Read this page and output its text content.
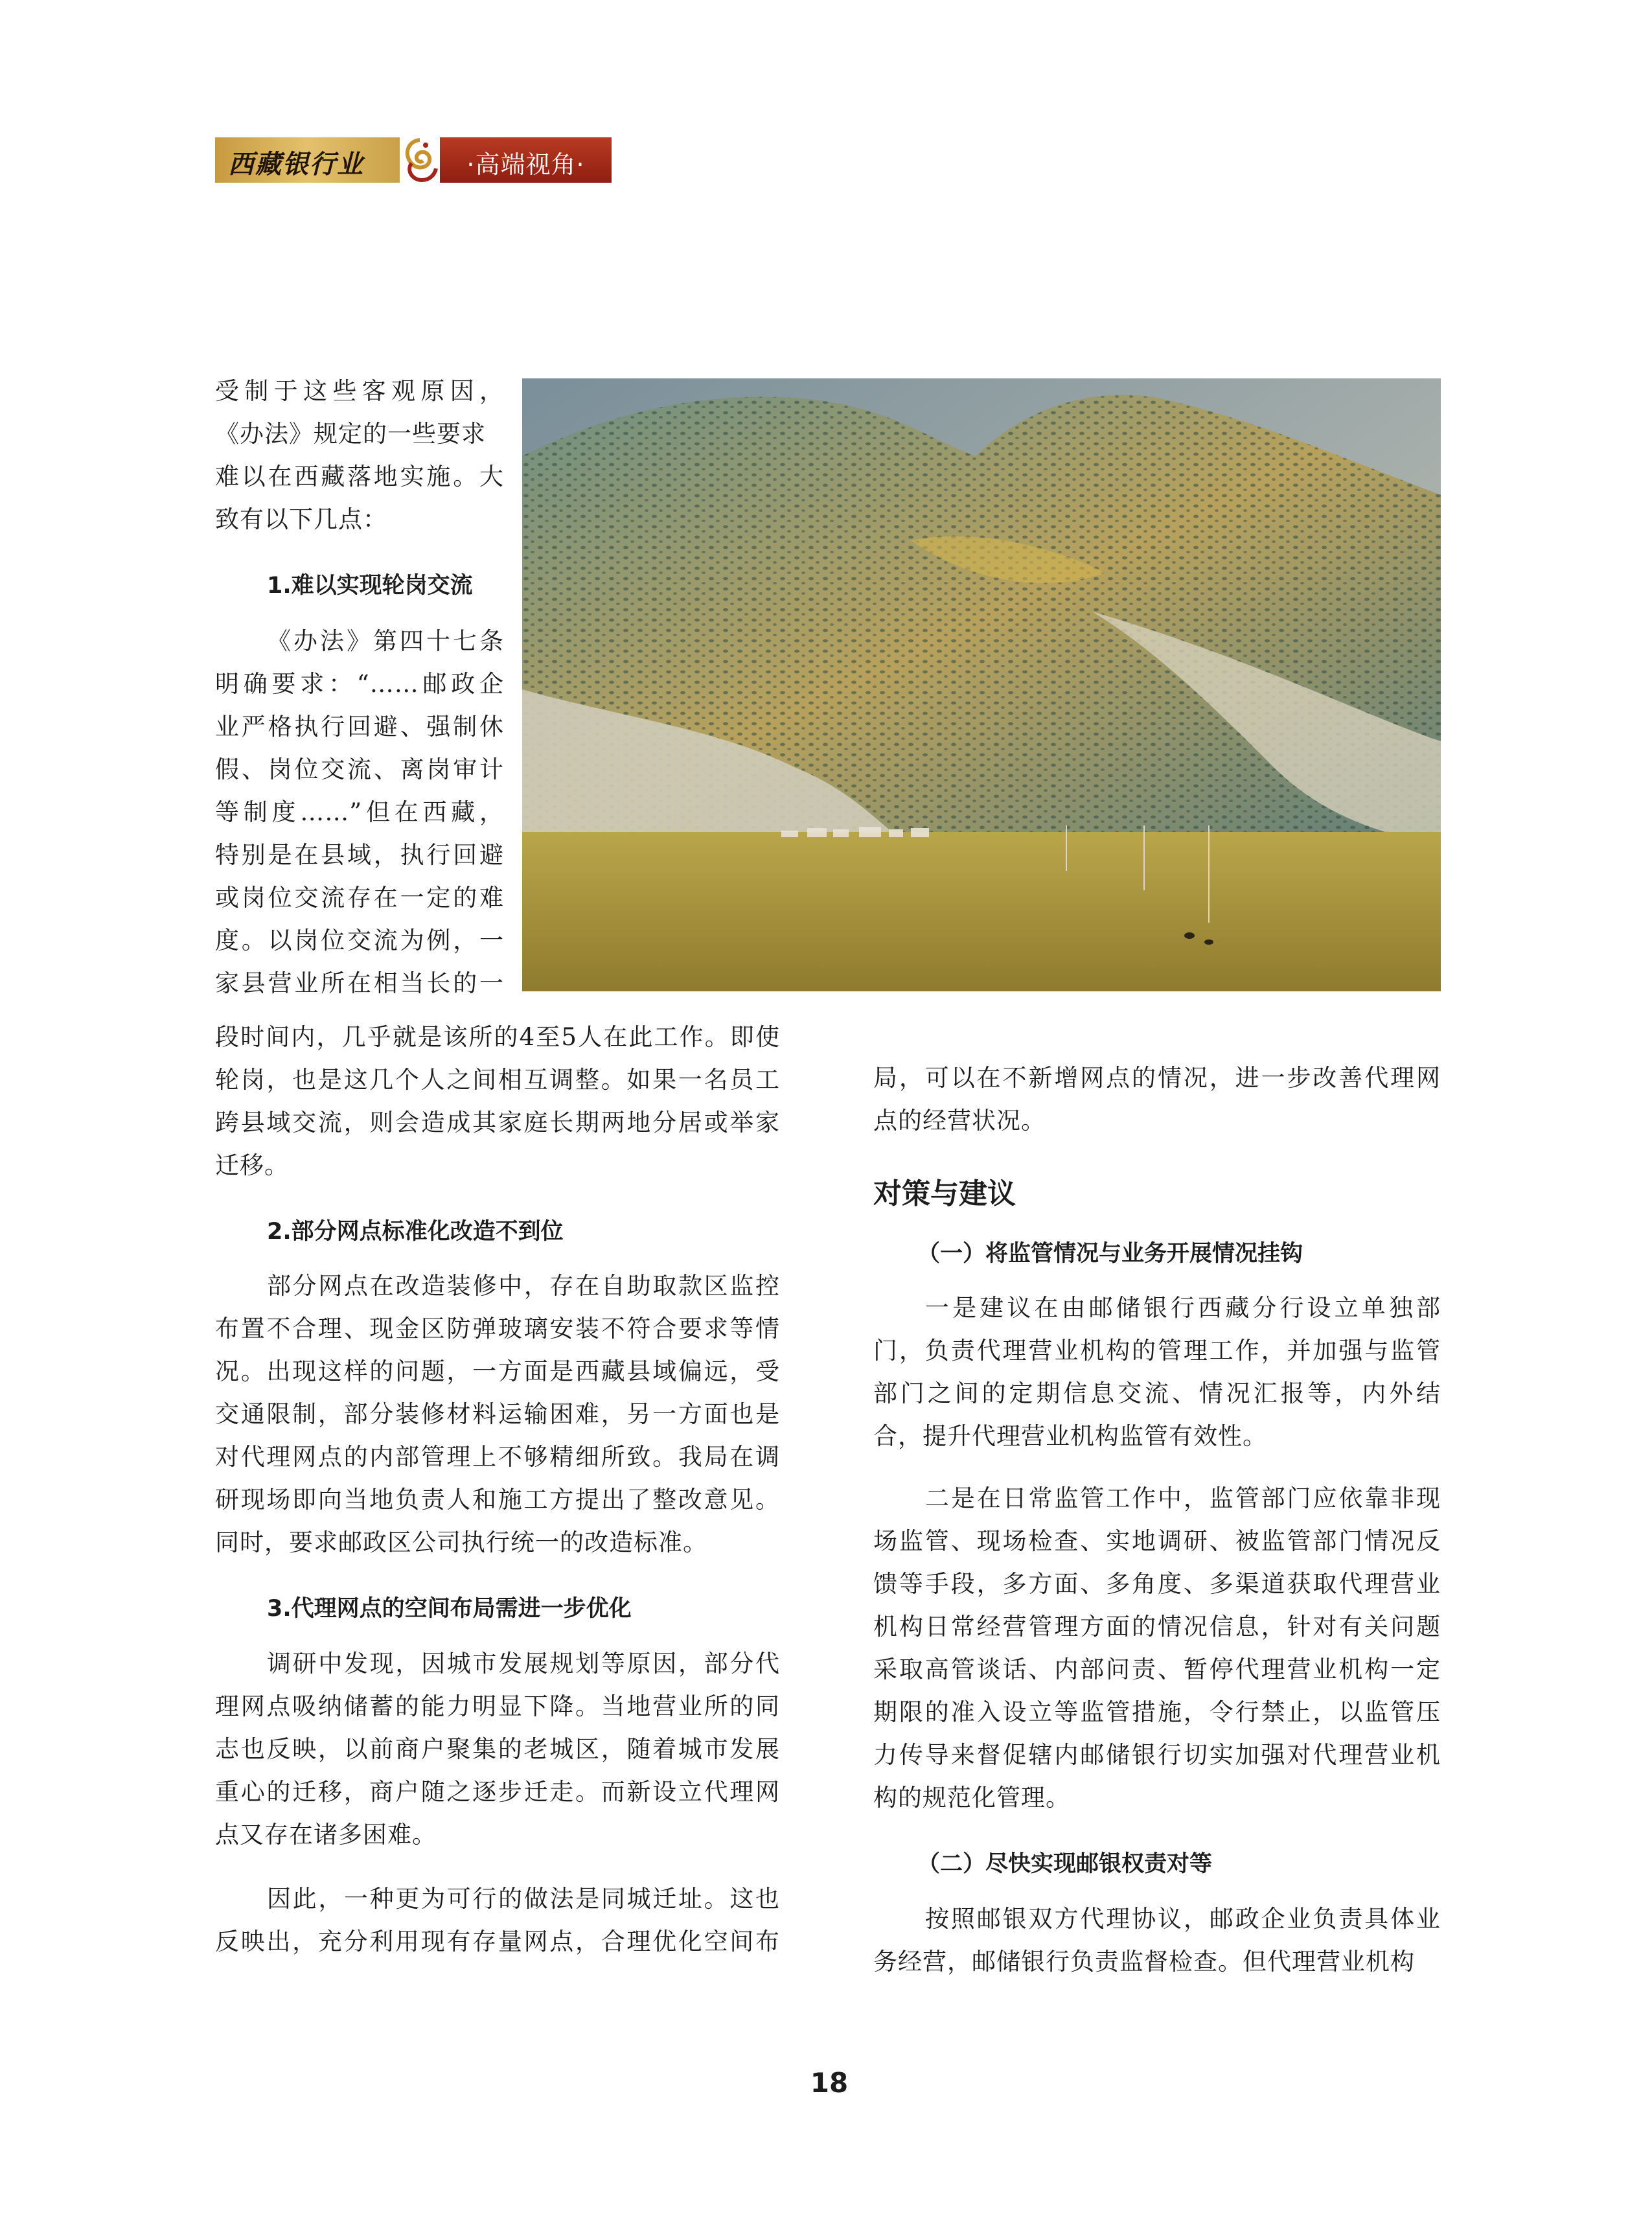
西藏银行业	·高端视角·

受制于这些客观原因，

《办法》规定的一些要求

难以在西藏落地实施。大

致有以下几点：

1.难以实现轮岗交流

《办法》第四十七条

明确要求：“……邮政企

业严格执行回避、强制休

假、岗位交流、离岗审计

等制度……”但在西藏，

特别是在县域，执行回避

或岗位交流存在一定的难

度。以岗位交流为例，一

家县营业所在相当长的一

段时间内，几乎就是该所的4至5人在此工作。即使

轮岗，也是这几个人之间相互调整。如果一名员工

跨县域交流，则会造成其家庭长期两地分居或举家

迁移。

2.部分网点标准化改造不到位

部分网点在改造装修中，存在自助取款区监控

布置不合理、现金区防弹玻璃安装不符合要求等情

况。出现这样的问题，一方面是西藏县域偏远，受

交通限制，部分装修材料运输困难，另一方面也是

对代理网点的内部管理上不够精细所致。我局在调

研现场即向当地负责人和施工方提出了整改意见。

同时，要求邮政区公司执行统一的改造标准。

3.代理网点的空间布局需进一步优化

调研中发现，因城市发展规划等原因，部分代

理网点吸纳储蓄的能力明显下降。当地营业所的同

志也反映，以前商户聚集的老城区，随着城市发展

重心的迁移，商户随之逐步迁走。而新设立代理网

点又存在诸多困难。

因此，一种更为可行的做法是同城迁址。这也

反映出，充分利用现有存量网点，合理优化空间布

局，可以在不新增网点的情况，进一步改善代理网

点的经营状况。

对策与建议
（一）将监管情况与业务开展情况挂钩

一是建议在由邮储银行西藏分行设立单独部

门，负责代理营业机构的管理工作，并加强与监管

部门之间的定期信息交流、情况汇报等，内外结

合，提升代理营业机构监管有效性。

二是在日常监管工作中，监管部门应依靠非现

场监管、现场检查、实地调研、被监管部门情况反

馈等手段，多方面、多角度、多渠道获取代理营业

机构日常经营管理方面的情况信息，针对有关问题

采取高管谈话、内部问责、暂停代理营业机构一定

期限的准入设立等监管措施，令行禁止，以监管压

力传导来督促辖内邮储银行切实加强对代理营业机

构的规范化管理。

（二）尽快实现邮银权责对等

按照邮银双方代理协议，邮政企业负责具体业

务经营，邮储银行负责监督检查。但代理营业机构

18
